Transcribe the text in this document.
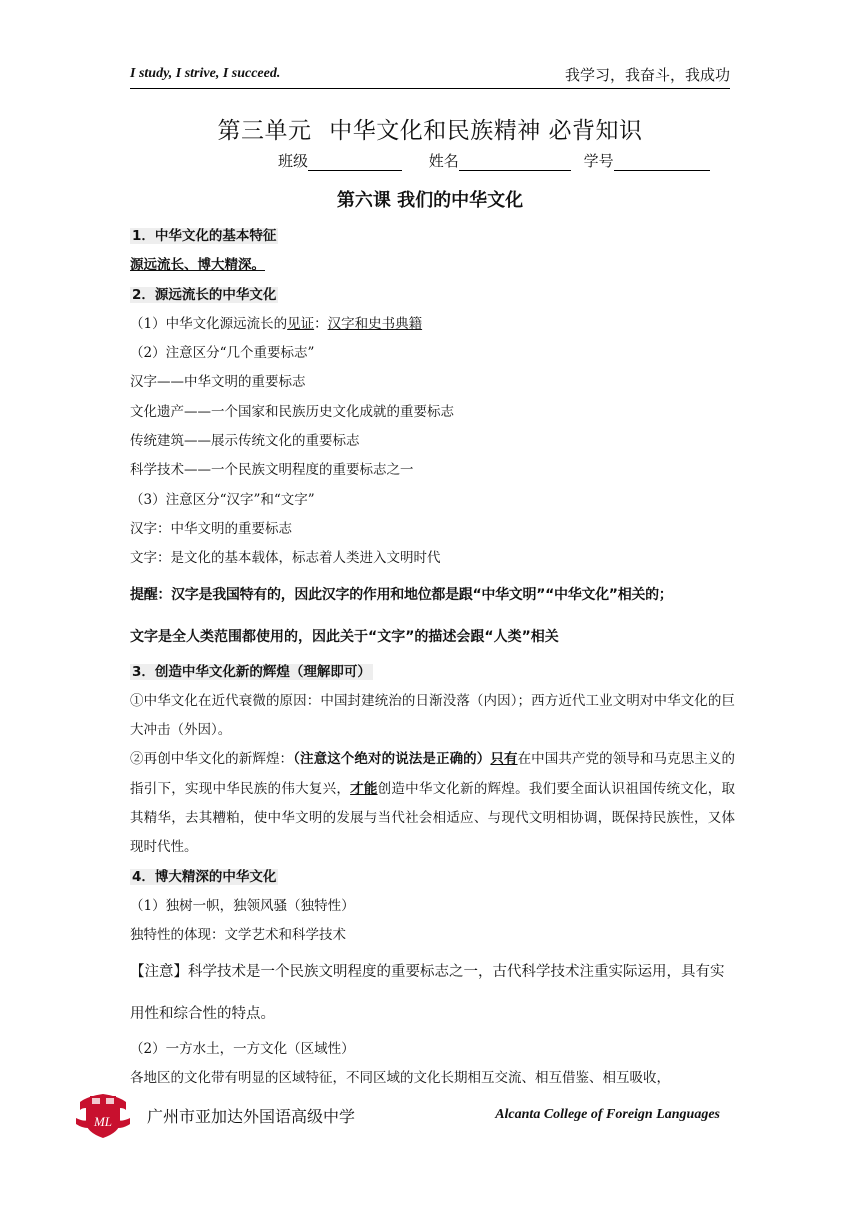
I study, I strive, I succeed.	我学习，我奋斗，我成功
第三单元 中华文化和民族精神 必背知识
班级	姓名	学号
第六课 我们的中华文化
1．中华文化的基本特征
源远流长、博大精深。
2．源远流长的中华文化
（1）中华文化源远流长的见证：汉字和史书典籍
（2）注意区分“几个重要标志”
汉字——中华文明的重要标志
文化遗产——一个国家和民族历史文化成就的重要标志
传统建筑——展示传统文化的重要标志
科学技术——一个民族文明程度的重要标志之一
（3）注意区分“汉字”和“文字”
汉字：中华文明的重要标志
文字：是文化的基本载体，标志着人类进入文明时代
提醒：汉字是我国特有的，因此汉字的作用和地位都是跟“中华文明”“中华文化”相关的；
文字是全人类范围都使用的，因此关于“文字”的描述会跟“人类”相关
3．创造中华文化新的辉煌（理解即可）
①中华文化在近代衰微的原因：中国封建统治的日渐没落（内因）；西方近代工业文明对中华文化的巨大冲击（外因）。
②再创中华文化的新辉煌：（注意这个绝对的说法是正确的）只有在中国共产党的领导和马克思主义的指引下，实现中华民族的伟大复兴，才能创造中华文化新的辉煌。我们要全面认识祖国传统文化，取其精华，去其糟粕，使中华文明的发展与当代社会相适应、与现代文明相协调，既保持民族性，又体现时代性。
4．博大精深的中华文化
（1）独树一帜，独领风骚（独特性）
独特性的体现：文学艺术和科学技术
【注意】科学技术是一个民族文明程度的重要标志之一，古代科学技术注重实际运用，具有实用性和综合性的特点。
（2）一方水土，一方文化（区域性）
各地区的文化带有明显的区域特征，不同区域的文化长期相互交流、相互借鉴、相互吸收，
ML 广州市亚加达外国语高级中学	Alcanta College of Foreign Languages
